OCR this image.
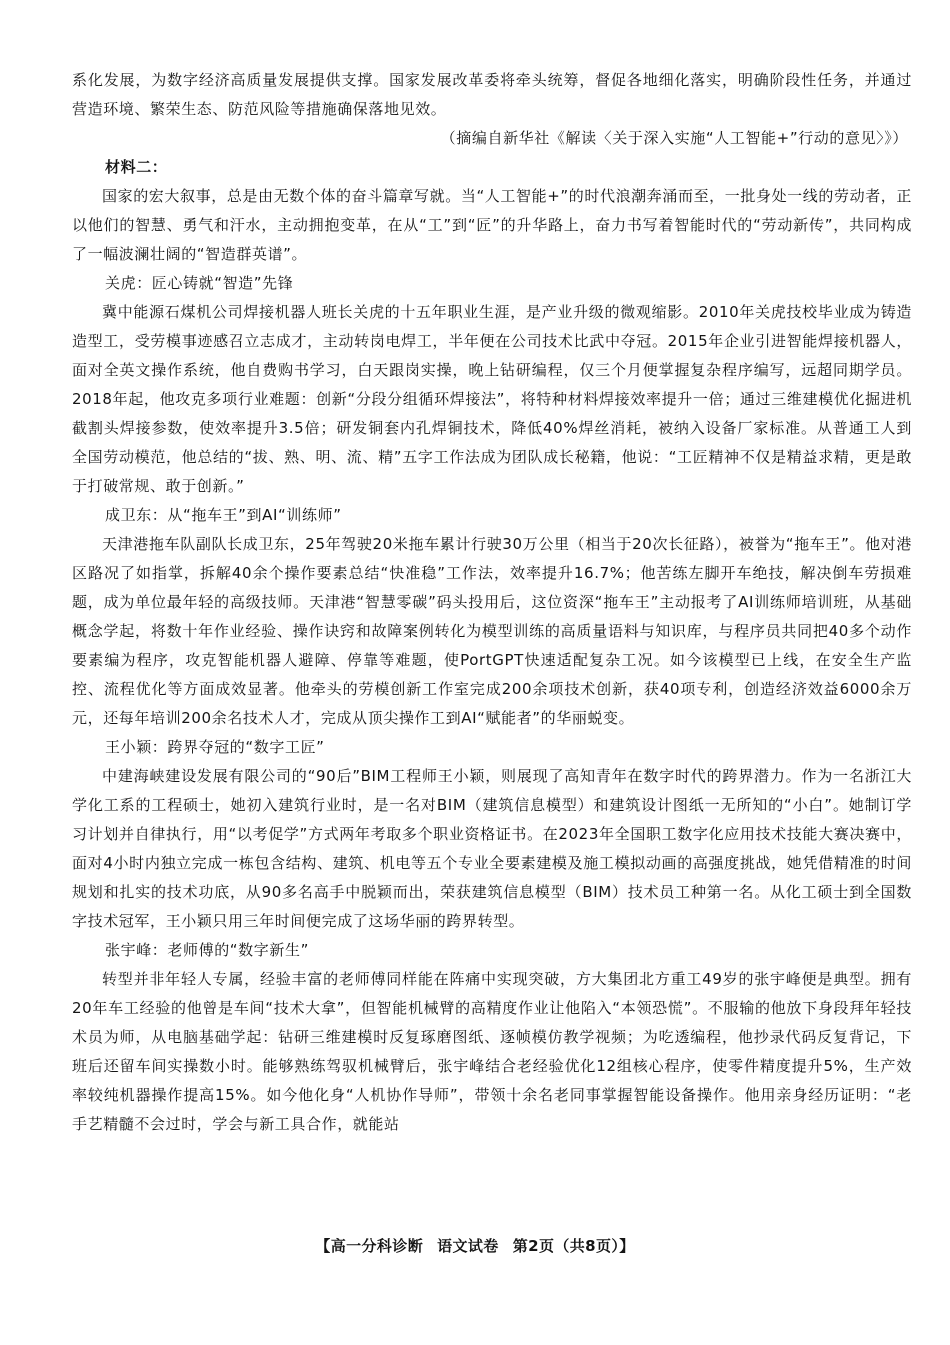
系化发展，为数字经济高质量发展提供支撑。国家发展改革委将牵头统筹，督促各地细化落实，明确阶段性任务，并通过营造环境、繁荣生态、防范风险等措施确保落地见效。

（摘编自新华社《解读〈关于深入实施“人工智能+”行动的意见〉》）

材料二：

国家的宏大叙事，总是由无数个体的奋斗篇章写就。当“人工智能+”的时代浪潮奔涌而至，一批身处一线的劳动者，正以他们的智慧、勇气和汗水，主动拥抱变革，在从“工”到“匠”的升华路上，奋力书写着智能时代的“劳动新传”，共同构成了一幅波澜壮阔的“智造群英谱”。

关虎：匠心铸就“智造”先锋

冀中能源石煤机公司焊接机器人班长关虎的十五年职业生涯，是产业升级的微观缩影。2010年关虎技校毕业成为铸造造型工，受劳模事迹感召立志成才，主动转岗电焊工，半年便在公司技术比武中夺冠。2015年企业引进智能焊接机器人，面对全英文操作系统，他自费购书学习，白天跟岗实操，晚上钻研编程，仅三个月便掌握复杂程序编写，远超同期学员。2018年起，他攻克多项行业难题：创新“分段分组循环焊接法”，将特种材料焊接效率提升一倍；通过三维建模优化掘进机截割头焊接参数，使效率提升3.5倍；研发铜套内孔焊铜技术，降低40%焊丝消耗，被纳入设备厂家标准。从普通工人到全国劳动模范，他总结的“拔、熟、明、流、精”五字工作法成为团队成长秘籍，他说：“工匠精神不仅是精益求精，更是敢于打破常规、敢于创新。”

成卫东：从“拖车王”到AI“训练师”

天津港拖车队副队长成卫东，25年驾驶20米拖车累计行驶30万公里（相当于20次长征路），被誉为“拖车王”。他对港区路况了如指掌，拆解40余个操作要素总结“快准稳”工作法，效率提升16.7%；他苦练左脚开车绝技，解决倒车劳损难题，成为单位最年轻的高级技师。天津港“智慧零碳”码头投用后，这位资深“拖车王”主动报考了AI训练师培训班，从基础概念学起，将数十年作业经验、操作诀窍和故障案例转化为模型训练的高质量语料与知识库，与程序员共同把40多个动作要素编为程序，攻克智能机器人避障、停靠等难题，使PortGPT快速适配复杂工况。如今该模型已上线，在安全生产监控、流程优化等方面成效显著。他牵头的劳模创新工作室完成200余项技术创新，获40项专利，创造经济效益6000余万元，还每年培训200余名技术人才，完成从顶尖操作工到AI“赋能者”的华丽蜕变。

王小颖：跨界夺冠的“数字工匠”

中建海峡建设发展有限公司的“90后”BIM工程师王小颖，则展现了高知青年在数字时代的跨界潜力。作为一名浙江大学化工系的工程硕士，她初入建筑行业时，是一名对BIM（建筑信息模型）和建筑设计图纸一无所知的“小白”。她制订学习计划并自律执行，用“以考促学”方式两年考取多个职业资格证书。在2023年全国职工数字化应用技术技能大赛决赛中，面对4小时内独立完成一栋包含结构、建筑、机电等五个专业全要素建模及施工模拟动画的高强度挑战，她凭借精准的时间规划和扎实的技术功底，从90多名高手中脱颖而出，荣获建筑信息模型（BIM）技术员工种第一名。从化工硕士到全国数字技术冠军，王小颖只用三年时间便完成了这场华丽的跨界转型。

张宇峰：老师傅的“数字新生”

转型并非年轻人专属，经验丰富的老师傅同样能在阵痛中实现突破，方大集团北方重工49岁的张宇峰便是典型。拥有20年车工经验的他曾是车间“技术大拿”，但智能机械臂的高精度作业让他陷入“本领恐慌”。不服输的他放下身段拜年轻技术员为师，从电脑基础学起：钻研三维建模时反复琢磨图纸、逐帧模仿教学视频；为吃透编程，他抄录代码反复背记，下班后还留车间实操数小时。能够熟练驾驭机械臂后，张宇峰结合老经验优化12组核心程序，使零件精度提升5%，生产效率较纯机器操作提高15%。如今他化身“人机协作导师”，带领十余名老同事掌握智能设备操作。他用亲身经历证明：“老手艺精髓不会过时，学会与新工具合作，就能站

【高一分科诊断 语文试卷 第2页（共8页）】
